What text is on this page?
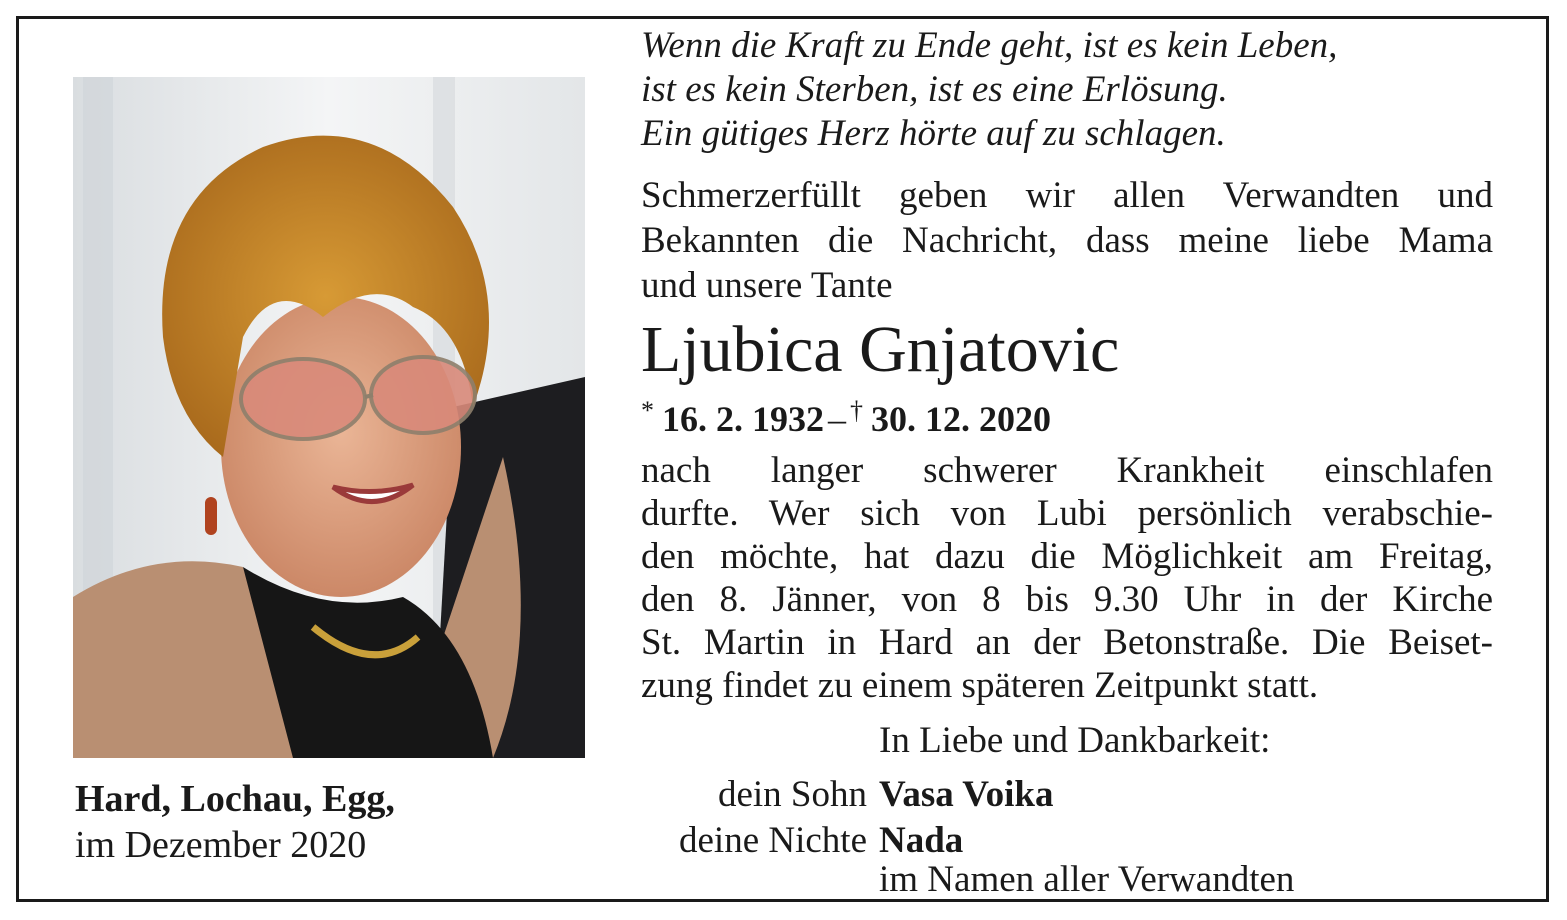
Hard, Lochau, Egg,
im Dezember 2020
Wenn die Kraft zu Ende geht, ist es kein Leben,
ist es kein Sterben, ist es eine Erlösung.
Ein gütiges Herz hörte auf zu schlagen.
Schmerzerfüllt geben wir allen Verwandten und
Bekannten die Nachricht, dass meine liebe Mama
und unsere Tante
Ljubica Gnjatovic
* 16. 2. 1932 – † 30. 12. 2020
nach langer schwerer Krankheit einschlafen
durfte. Wer sich von Lubi persönlich verabschie-
den möchte, hat dazu die Möglichkeit am Freitag,
den 8. Jänner, von 8 bis 9.30 Uhr in der Kirche
St. Martin in Hard an der Betonstraße. Die Beiset-
zung findet zu einem späteren Zeitpunkt statt.
In Liebe und Dankbarkeit:
dein Sohn
deine Nichte
Vasa Voika
Nada
im Namen aller Verwandten
